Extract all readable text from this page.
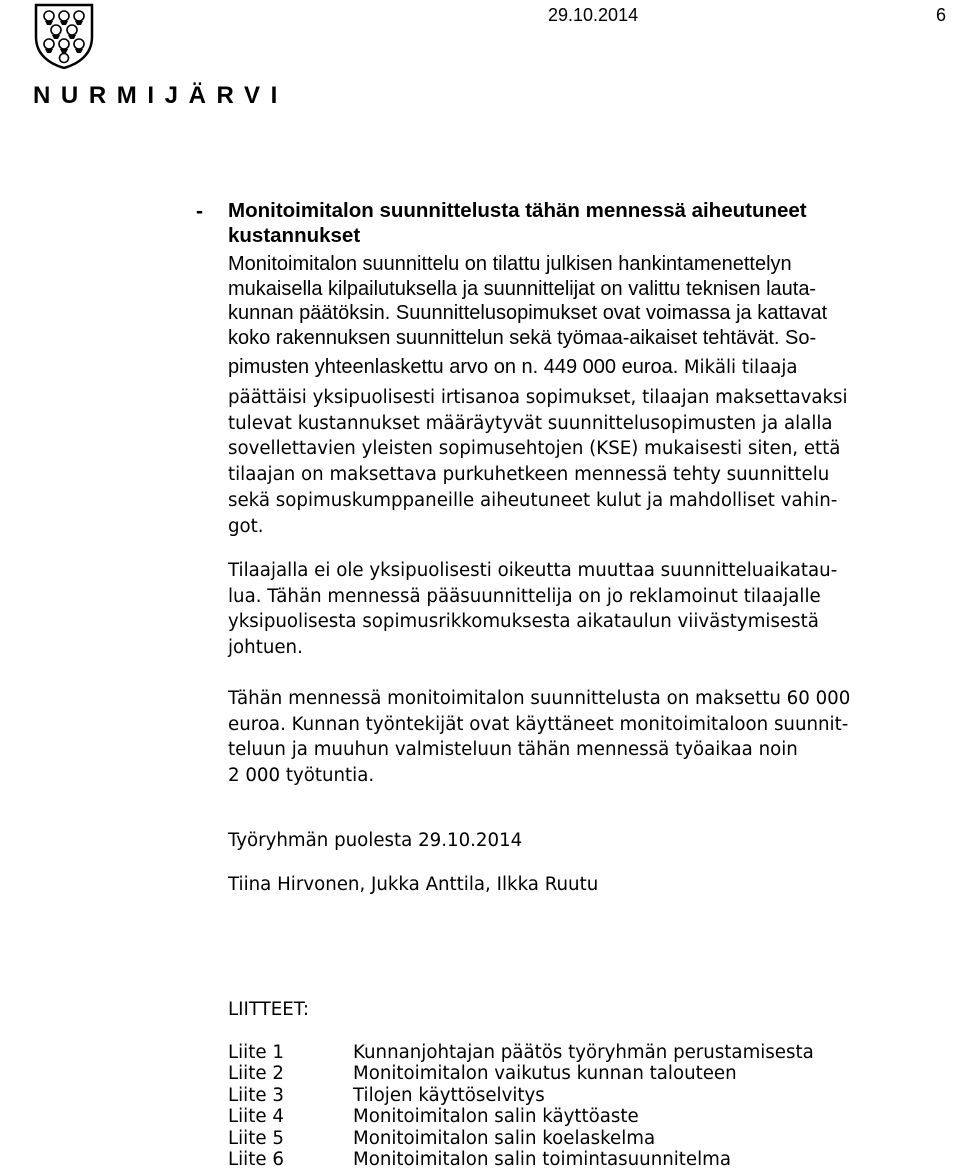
29.10.2014	6
NURMIJÄRVI
- Monitoimitalon suunnittelusta tähän mennessä aiheutuneet
kustannukset

Monitoimitalon suunnittelu on tilattu julkisen hankintamenettelyn
mukaisella kilpailutuksella ja suunnittelijat on valittu teknisen lauta-
kunnan päätöksin. Suunnittelusopimukset ovat voimassa ja kattavat
koko rakennuksen suunnittelun sekä työmaa-aikaiset tehtävät. So-

pimusten yhteenlaskettu arvo on n. 449 000 euroa. Mikäli tilaaja

päättäisi yksipuolisesti irtisanoa sopimukset, tilaajan maksettavaksi
tulevat kustannukset määräytyvät suunnittelusopimusten ja alalla
sovellettavien yleisten sopimusehtojen (KSE) mukaisesti siten, että
tilaajan on maksettava purkuhetkeen mennessä tehty suunnittelu
sekä sopimuskumppaneille aiheutuneet kulut ja mahdolliset vahin-
got.

Tilaajalla ei ole yksipuolisesti oikeutta muuttaa suunnitteluaikatau-
lua. Tähän mennessä pääsuunnittelija on jo reklamoinut tilaajalle
yksipuolisesta sopimusrikkomuksesta aikataulun viivästymisestä
johtuen.

Tähän mennessä monitoimitalon suunnittelusta on maksettu 60 000
euroa. Kunnan työntekijät ovat käyttäneet monitoimitaloon suunnit-
teluun ja muuhun valmisteluun tähän mennessä työaikaa noin
2 000 työtuntia.

Työryhmän puolesta 29.10.2014

Tiina Hirvonen, Jukka Anttila, Ilkka Ruutu

LIITTEET:

Liite 1	Kunnanjohtajan päätös työryhmän perustamisesta
Liite 2	Monitoimitalon vaikutus kunnan talouteen
Liite 3	Tilojen käyttöselvitys
Liite 4	Monitoimitalon salin käyttöaste
Liite 5	Monitoimitalon salin koelaskelma
Liite 6	Monitoimitalon salin toimintasuunnitelma
